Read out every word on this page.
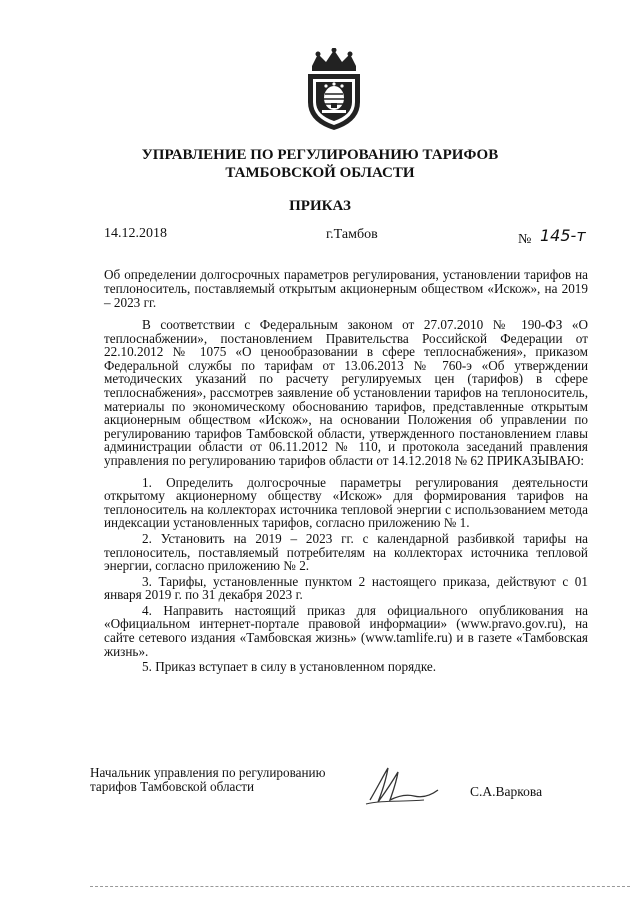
УПРАВЛЕНИЕ ПО РЕГУЛИРОВАНИЮ ТАРИФОВ
ТАМБОВСКОЙ ОБЛАСТИ
ПРИКАЗ
14.12.2018	г.Тамбов	№ 145-т
Об определении долгосрочных параметров регулирования, установлении тарифов на теплоноситель, поставляемый открытым акционерным обществом «Искож», на 2019 – 2023 гг.

В соответствии с Федеральным законом от 27.07.2010 № 190-ФЗ «О теплоснабжении», постановлением Правительства Российской Федерации от 22.10.2012 № 1075 «О ценообразовании в сфере теплоснабжения», приказом Федеральной службы по тарифам от 13.06.2013 № 760-э «Об утверждении методических указаний по расчету регулируемых цен (тарифов) в сфере теплоснабжения», рассмотрев заявление об установлении тарифов на теплоноситель, материалы по экономическому обоснованию тарифов, представленные открытым акционерным обществом «Искож», на основании Положения об управлении по регулированию тарифов Тамбовской области, утвержденного постановлением главы администрации области от 06.11.2012 № 110, и протокола заседаний правления управления по регулированию тарифов области от 14.12.2018 № 62 ПРИКАЗЫВАЮ:

1. Определить долгосрочные параметры регулирования деятельности открытому акционерному обществу «Искож» для формирования тарифов на теплоноситель на коллекторах источника тепловой энергии с использованием метода индексации установленных тарифов, согласно приложению № 1.

2. Установить на 2019 – 2023 гг. с календарной разбивкой тарифы на теплоноситель, поставляемый потребителям на коллекторах источника тепловой энергии, согласно приложению № 2.

3. Тарифы, установленные пунктом 2 настоящего приказа, действуют с 01 января 2019 г. по 31 декабря 2023 г.

4. Направить настоящий приказ для официального опубликования на «Официальном интернет-портале правовой информации» (www.pravo.gov.ru), на сайте сетевого издания «Тамбовская жизнь» (www.tamlife.ru) и в газете «Тамбовская жизнь».

5. Приказ вступает в силу в установленном порядке.

Начальник управления по регулированию
тарифов Тамбовской области	С.А.Варкова
